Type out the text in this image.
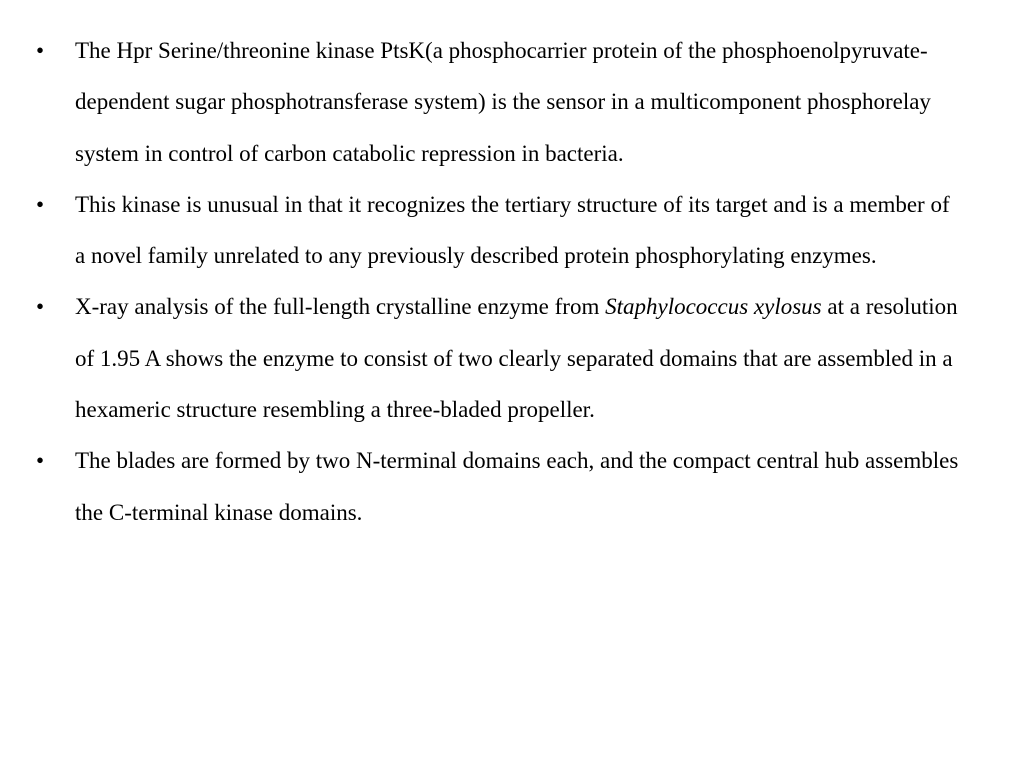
• The Hpr Serine/threonine kinase PtsK(a phosphocarrier protein of the phosphoenolpyruvate-dependent sugar phosphotransferase system) is the sensor in a multicomponent phosphorelay system in control of carbon catabolic repression in bacteria.
• This kinase is unusual in that it recognizes the tertiary structure of its target and is a member of a novel family unrelated to any previously described protein phosphorylating enzymes.
• X-ray analysis of the full-length crystalline enzyme from Staphylococcus xylosus at a resolution of 1.95 A shows the enzyme to consist of two clearly separated domains that are assembled in a hexameric structure resembling a three-bladed propeller.
• The blades are formed by two N-terminal domains each, and the compact central hub assembles the C-terminal kinase domains.
